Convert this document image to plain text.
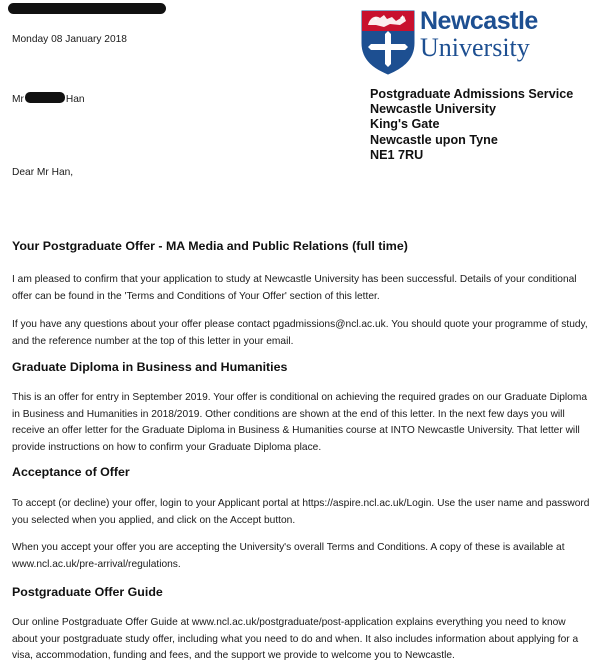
Monday 08 January 2018
Mr	Han
Newcastle
University
Postgraduate Admissions Service
Newcastle University
King's Gate
Newcastle upon Tyne
NE1 7RU
Dear Mr Han,
Your Postgraduate Offer - MA Media and Public Relations (full time)
I am pleased to confirm that your application to study at Newcastle University has been successful. Details of your conditional offer can be found in the 'Terms and Conditions of Your Offer' section of this letter.
If you have any questions about your offer please contact pgadmissions@ncl.ac.uk. You should quote your programme of study, and the reference number at the top of this letter in your email.
Graduate Diploma in Business and Humanities
This is an offer for entry in September 2019. Your offer is conditional on achieving the required grades on our Graduate Diploma in Business and Humanities in 2018/2019. Other conditions are shown at the end of this letter. In the next few days you will receive an offer letter for the Graduate Diploma in Business & Humanities course at INTO Newcastle University. That letter will provide instructions on how to confirm your Graduate Diploma place.
Acceptance of Offer
To accept (or decline) your offer, login to your Applicant portal at https://aspire.ncl.ac.uk/Login. Use the user name and password you selected when you applied, and click on the Accept button.
When you accept your offer you are accepting the University's overall Terms and Conditions. A copy of these is available at www.ncl.ac.uk/pre-arrival/regulations.
Postgraduate Offer Guide
Our online Postgraduate Offer Guide at www.ncl.ac.uk/postgraduate/post-application explains everything you need to know about your postgraduate study offer, including what you need to do and when. It also includes information about applying for a visa, accommodation, funding and fees, and the support we provide to welcome you to Newcastle.
